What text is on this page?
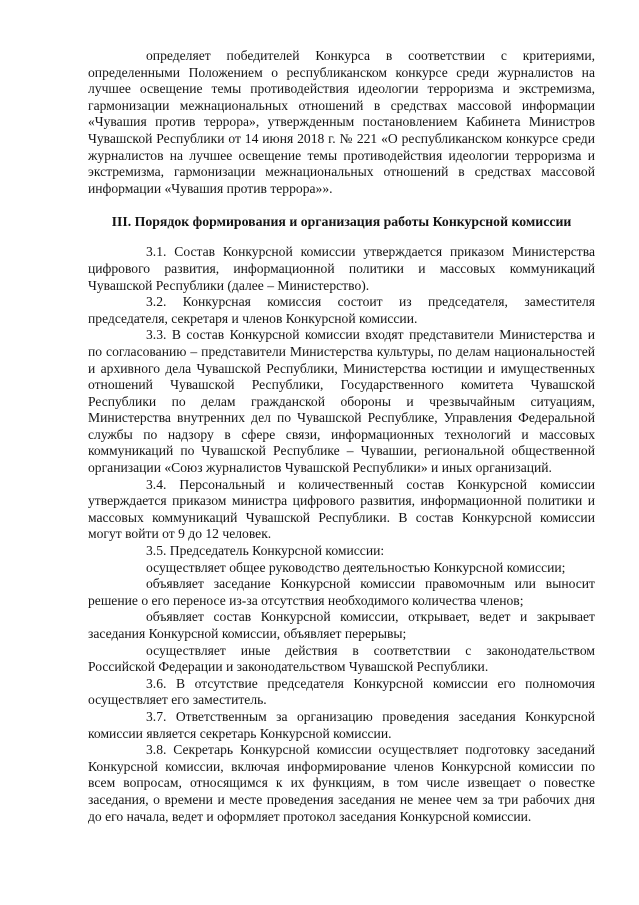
определяет победителей Конкурса в соответствии с критериями, определенными Положением о республиканском конкурсе среди журналистов на лучшее освещение темы противодействия идеологии терроризма и экстремизма, гармонизации межнациональных отношений в средствах массовой информации «Чувашия против террора», утвержденным постановлением Кабинета Министров Чувашской Республики от 14 июня 2018 г. № 221 «О республиканском конкурсе среди журналистов на лучшее освещение темы противодействия идеологии терроризма и экстремизма, гармонизации межнациональных отношений в средствах массовой информации «Чувашия против террора»».

III. Порядок формирования и организация работы Конкурсной комиссии

3.1. Состав Конкурсной комиссии утверждается приказом Министерства цифрового развития, информационной политики и массовых коммуникаций Чувашской Республики (далее – Министерство).

3.2. Конкурсная комиссия состоит из председателя, заместителя председателя, секретаря и членов Конкурсной комиссии.

3.3. В состав Конкурсной комиссии входят представители Министерства и по согласованию – представители Министерства культуры, по делам национальностей и архивного дела Чувашской Республики, Министерства юстиции и имущественных отношений Чувашской Республики, Государственного комитета Чувашской Республики по делам гражданской обороны и чрезвычайным ситуациям, Министерства внутренних дел по Чувашской Республике, Управления Федеральной службы по надзору в сфере связи, информационных технологий и массовых коммуникаций по Чувашской Республике – Чувашии, региональной общественной организации «Союз журналистов Чувашской Республики» и иных организаций.

3.4. Персональный и количественный состав Конкурсной комиссии утверждается приказом министра цифрового развития, информационной политики и массовых коммуникаций Чувашской Республики. В состав Конкурсной комиссии могут войти от 9 до 12 человек.

3.5. Председатель Конкурсной комиссии:

осуществляет общее руководство деятельностью Конкурсной комиссии;

объявляет заседание Конкурсной комиссии правомочным или выносит решение о его переносе из-за отсутствия необходимого количества членов;

объявляет состав Конкурсной комиссии, открывает, ведет и закрывает заседания Конкурсной комиссии, объявляет перерывы;

осуществляет иные действия в соответствии с законодательством Российской Федерации и законодательством Чувашской Республики.

3.6. В отсутствие председателя Конкурсной комиссии его полномочия осуществляет его заместитель.

3.7. Ответственным за организацию проведения заседания Конкурсной комиссии является секретарь Конкурсной комиссии.

3.8. Секретарь Конкурсной комиссии осуществляет подготовку заседаний Конкурсной комиссии, включая информирование членов Конкурсной комиссии по всем вопросам, относящимся к их функциям, в том числе извещает о повестке заседания, о времени и месте проведения заседания не менее чем за три рабочих дня до его начала, ведет и оформляет протокол заседания Конкурсной комиссии.
